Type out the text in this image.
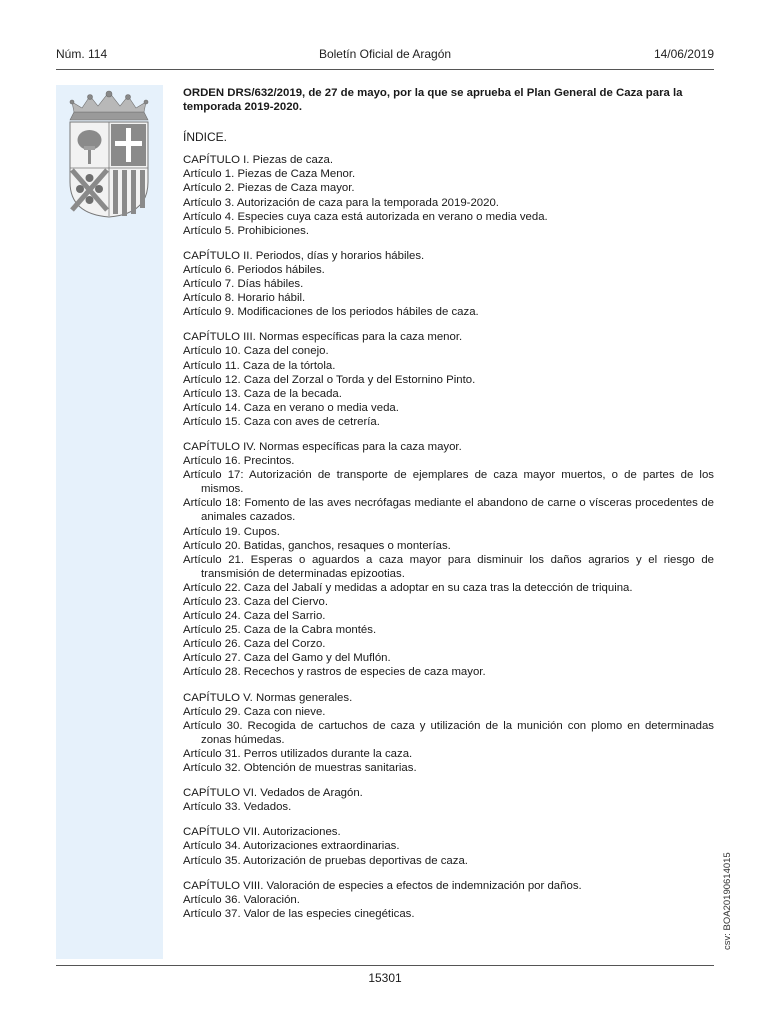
Núm. 114	Boletín Oficial de Aragón	14/06/2019
ORDEN DRS/632/2019, de 27 de mayo, por la que se aprueba el Plan General de Caza para la temporada 2019-2020.
ÍNDICE.
CAPÍTULO I. Piezas de caza.
Artículo 1. Piezas de Caza Menor.
Artículo 2. Piezas de Caza mayor.
Artículo 3. Autorización de caza para la temporada 2019-2020.
Artículo 4. Especies cuya caza está autorizada en verano o media veda.
Artículo 5. Prohibiciones.
CAPÍTULO II. Periodos, días y horarios hábiles.
Artículo 6. Periodos hábiles.
Artículo 7. Días hábiles.
Artículo 8. Horario hábil.
Artículo 9. Modificaciones de los periodos hábiles de caza.
CAPÍTULO III. Normas específicas para la caza menor.
Artículo 10. Caza del conejo.
Artículo 11. Caza de la tórtola.
Artículo 12. Caza del Zorzal o Torda y del Estornino Pinto.
Artículo 13. Caza de la becada.
Artículo 14. Caza en verano o media veda.
Artículo 15. Caza con aves de cetrería.
CAPÍTULO IV. Normas específicas para la caza mayor.
Artículo 16. Precintos.
Artículo 17: Autorización de transporte de ejemplares de caza mayor muertos, o de partes de los mismos.
Artículo 18: Fomento de las aves necrófagas mediante el abandono de carne o vísceras procedentes de animales cazados.
Artículo 19. Cupos.
Artículo 20. Batidas, ganchos, resaques o monterías.
Artículo 21. Esperas o aguardos a caza mayor para disminuir los daños agrarios y el riesgo de transmisión de determinadas epizootias.
Artículo 22. Caza del Jabalí y medidas a adoptar en su caza tras la detección de triquina.
Artículo 23. Caza del Ciervo.
Artículo 24. Caza del Sarrio.
Artículo 25. Caza de la Cabra montés.
Artículo 26. Caza del Corzo.
Artículo 27. Caza del Gamo y del Muflón.
Artículo 28. Recechos y rastros de especies de caza mayor.
CAPÍTULO V. Normas generales.
Artículo 29. Caza con nieve.
Artículo 30. Recogida de cartuchos de caza y utilización de la munición con plomo en determinadas zonas húmedas.
Artículo 31. Perros utilizados durante la caza.
Artículo 32. Obtención de muestras sanitarias.
CAPÍTULO VI. Vedados de Aragón.
Artículo 33. Vedados.
CAPÍTULO VII. Autorizaciones.
Artículo 34. Autorizaciones extraordinarias.
Artículo 35. Autorización de pruebas deportivas de caza.
CAPÍTULO VIII. Valoración de especies a efectos de indemnización por daños.
Artículo 36. Valoración.
Artículo 37. Valor de las especies cinegéticas.	csv: BOA20190614015
15301
